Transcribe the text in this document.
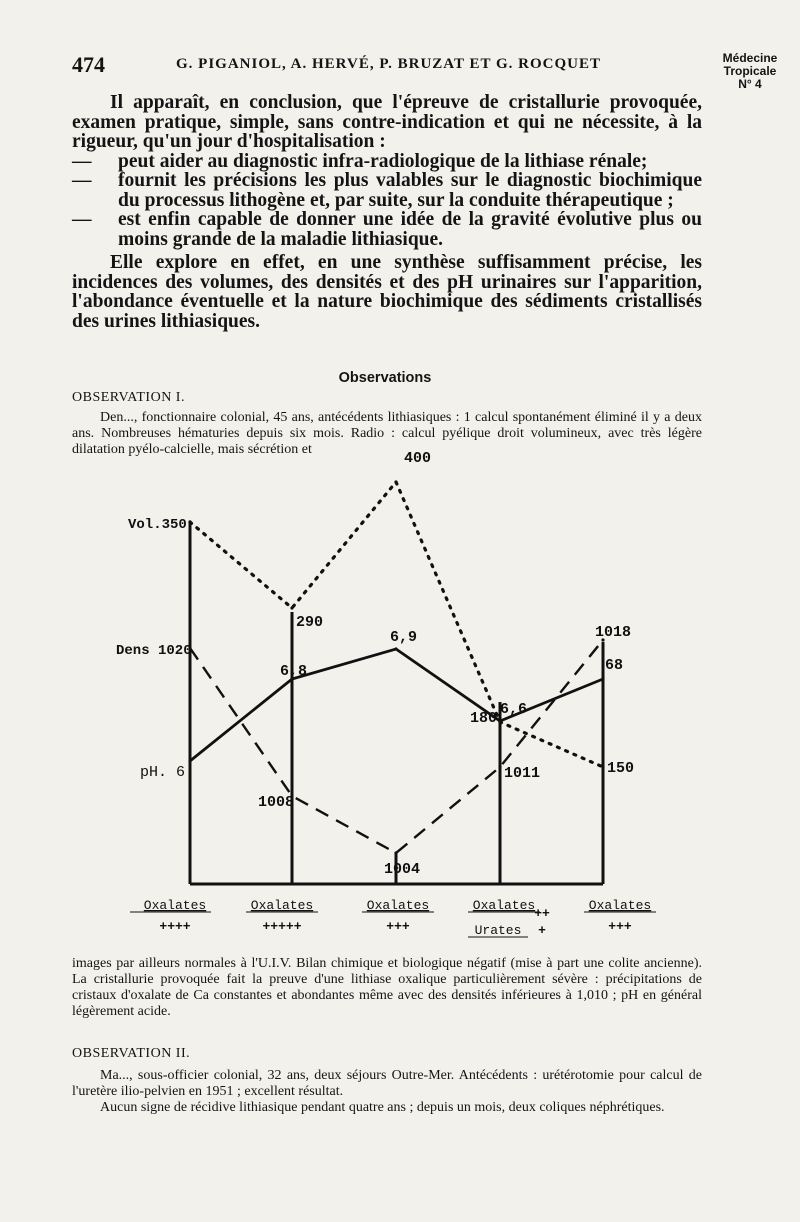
474	G. PIGANIOL, A. HERVÉ, P. BRUZAT ET G. ROCQUET	Médecine
Tropicale
N° 4

Il apparaît, en conclusion, que l'épreuve de cristallurie provoquée, examen pratique, simple, sans contre-indication et qui ne nécessite, à la rigueur, qu'un jour d'hospitalisation :

— peut aider au diagnostic infra-radiologique de la lithiase rénale;

— fournit les précisions les plus valables sur le diagnostic biochimique du processus lithogène et, par suite, sur la conduite thérapeutique ;

— est enfin capable de donner une idée de la gravité évolutive plus ou moins grande de la maladie lithiasique.

Elle explore en effet, en une synthèse suffisamment précise, les incidences des volumes, des densités et des pH urinaires sur l'apparition, l'abondance éventuelle et la nature biochimique des sédiments cristallisés des urines lithiasiques.

Observations
OBSERVATION I.

Den..., fonctionnaire colonial, 45 ans, antécédents lithiasiques : 1 calcul spontanément éliminé il y a deux ans. Nombreuses hématuries depuis six mois. Radio : calcul pyélique droit volumineux, avec très légère dilatation pyélo-calcielle, mais sécrétion et

Vol.350
Dens 1020
pH. 6
290
400
180
150
1008
1004
1011
1018
6,8
6,9
6,6
68
Oxalates
++++
Oxalates
+++++
Oxalates
+++
Oxalates
++
Urates +
Oxalates
+++

images par ailleurs normales à l'U.I.V. Bilan chimique et biologique négatif (mise à part une colite ancienne). La cristallurie provoquée fait la preuve d'une lithiase oxalique particulièrement sévère : précipitations de cristaux d'oxalate de Ca constantes et abondantes même avec des densités inférieures à 1,010 ; pH en général légèrement acide.

OBSERVATION II.

Ma..., sous-officier colonial, 32 ans, deux séjours Outre-Mer. Antécédents : urétérotomie pour calcul de l'uretère ilio-pelvien en 1951 ; excellent résultat.

Aucun signe de récidive lithiasique pendant quatre ans ; depuis un mois, deux coliques néphrétiques.
